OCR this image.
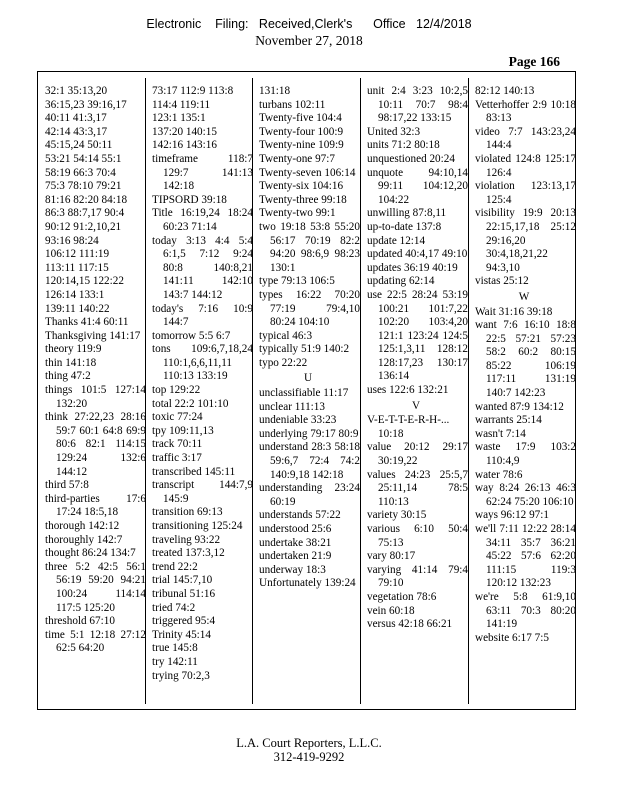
Electronic    Filing:   Received,Clerk's      Office   12/4/2018
November 27, 2018
Page 166
32:1 35:13,20
36:15,23 39:16,17
40:11 41:3,17
42:14 43:3,17
45:15,24 50:11
53:21 54:14 55:1
58:19 66:3 70:4
75:3 78:10 79:21
81:16 82:20 84:18
86:3 88:7,17 90:4
90:12 91:2,10,21
93:16 98:24
106:12 111:19
113:11 117:15
120:14,15 122:22
126:14 133:1
139:11 140:22
Thanks 41:4 60:11
Thanksgiving 141:17
theory 119:9
thin 141:18
thing 47:2
things 101:5 127:14 132:20
think 27:22,23 28:16 59:7 60:1 64:8 69:9 80:6 82:1 114:15 129:24 132:6 144:12
third 57:8
third-parties 17:6 17:24 18:5,18
thorough 142:12
thoroughly 142:7
thought 86:24 134:7
three 5:2 42:5 56:1 56:19 59:20 94:21 100:24 114:14 117:5 125:20
threshold 67:10
time 5:1 12:18 27:12 62:5 64:20
73:17 112:9 113:8
114:4 119:11
123:1 135:1
137:20 140:15
142:16 143:16
timeframe 118:7 129:7 141:13 142:18
TIPSORD 39:18
Title 16:19,24 18:24 60:23 71:14
today 3:13 4:4 5:4 6:1,5 7:12 9:24 80:8 140:8,21 141:11 142:10 143:7 144:12
today's 7:16 10:9 144:7
tomorrow 5:5 6:7
tons 109:6,7,18,24 110:1,6,6,11,11 110:13 133:19
top 129:22
total 22:2 101:10
toxic 77:24
tpy 109:11,13
track 70:11
traffic 3:17
transcribed 145:11
transcript 144:7,9 145:9
transition 69:13
transitioning 125:24
traveling 93:22
treated 137:3,12
trend 22:2
trial 145:7,10
tribunal 51:16
tried 74:2
triggered 95:4
Trinity 45:14
true 145:8
try 142:11
trying 70:2,3
131:18
turbans 102:11
Twenty-five 104:4
Twenty-four 100:9
Twenty-nine 109:9
Twenty-one 97:7
Twenty-seven 106:14
Twenty-six 104:16
Twenty-three 99:18
Twenty-two 99:1
two 19:18 53:8 55:20 56:17 70:19 82:2 94:20 98:6,9 98:23 130:1
type 79:13 106:5
types 16:22 70:20 77:19 79:4,10 80:24 104:10
typical 46:3
typically 51:9 140:2
typo 22:22
U
unclassifiable 11:17
unclear 111:13
undeniable 33:23
underlying 79:17 80:9
understand 28:3 58:18 59:6,7 72:4 74:2 140:9,18 142:18
understanding 23:24 60:19
understands 57:22
understood 25:6
undertake 38:21
undertaken 21:9
underway 18:3
Unfortunately 139:24
unit 2:4 3:23 10:2,5 10:11 70:7 98:4 98:17,22 133:15
United 32:3
units 71:2 80:18
unquestioned 20:24
unquote 94:10,14 99:11 104:12,20 104:22
unwilling 87:8,11
up-to-date 137:8
update 12:14
updated 40:4,17 49:10
updates 36:19 40:19
updating 62:14
use 22:5 28:24 53:19 100:21 101:7,22 102:20 103:4,20 121:1 123:24 124:5 125:1,3,11 128:12 128:17,23 130:17 136:14
uses 122:6 132:21
V
V-E-T-T-E-R-H-... 10:18
value 20:12 29:17 30:19,22
values 24:23 25:5,7 25:11,14 78:5 110:13
variety 30:15
various 6:10 50:4 75:13
vary 80:17
varying 41:14 79:4 79:10
vegetation 78:6
vein 60:18
versus 42:18 66:21
82:12 140:13
Vetterhoffer 2:9 10:18 83:13
video 7:7 143:23,24 144:4
violated 124:8 125:17 126:4
violation 123:13,17 125:4
visibility 19:9 20:13 22:15,17,18 25:12 29:16,20 30:4,18,21,22 94:3,10
vistas 25:12
W
Wait 31:16 39:18
want 7:6 16:10 18:8 22:5 57:21 57:23 58:2 60:2 80:15 85:22 106:19 117:11 131:19 140:7 142:23
wanted 87:9 134:12
warrants 25:14
wasn't 7:14
waste 17:9 103:2 110:4,9
water 78:6
way 8:24 26:13 46:3 62:24 75:20 106:10
ways 96:12 97:1
we'll 7:11 12:22 28:14 34:11 35:7 36:21 45:22 57:6 62:20 111:15 119:3 120:12 132:23
we're 5:8 61:9,10 63:11 70:3 80:20 141:19
website 6:17 7:5
L.A. Court Reporters, L.L.C.
312-419-9292
